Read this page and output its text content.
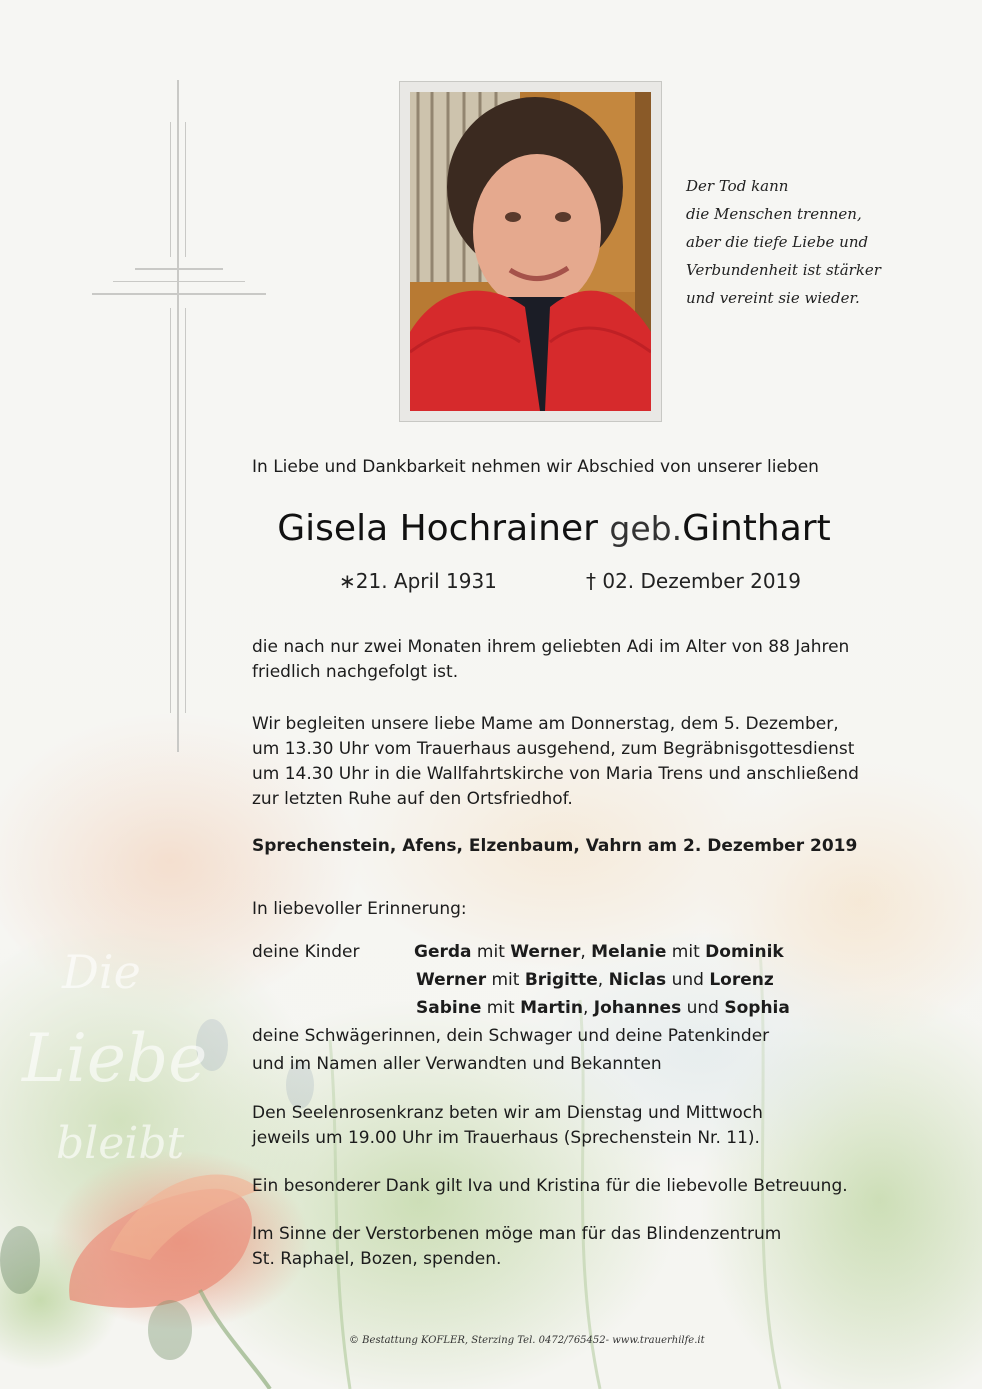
Der Tod kann
die Menschen trennen,
aber die tiefe Liebe und
Verbundenheit ist stärker
und vereint sie wieder.
In Liebe und Dankbarkeit nehmen wir Abschied von unserer lieben
Gisela Hochrainer geb.Ginthart
∗21. April 1931	† 02. Dezember 2019
die nach nur zwei Monaten ihrem geliebten Adi im Alter von 88 Jahren
friedlich nachgefolgt ist.
Wir begleiten unsere liebe Mame am Donnerstag, dem 5. Dezember,
um 13.30 Uhr vom Trauerhaus ausgehend, zum Begräbnisgottesdienst
um 14.30 Uhr in die Wallfahrtskirche von Maria Trens und anschließend
zur letzten Ruhe auf den Ortsfriedhof.
Sprechenstein, Afens, Elzenbaum, Vahrn am 2. Dezember 2019
In liebevoller Erinnerung:
deine Kinder	Gerda mit Werner, Melanie mit Dominik
Werner mit Brigitte, Niclas und Lorenz
Sabine mit Martin, Johannes und Sophia
deine Schwägerinnen, dein Schwager und deine Patenkinder
und im Namen aller Verwandten und Bekannten
Den Seelenrosenkranz beten wir am Dienstag und Mittwoch
jeweils um 19.00 Uhr im Trauerhaus (Sprechenstein Nr. 11).
Ein besonderer Dank gilt Iva und Kristina für die liebevolle Betreuung.
Im Sinne der Verstorbenen möge man für das Blindenzentrum
St. Raphael, Bozen, spenden.
Die
Liebe
bleibt
© Bestattung KOFLER, Sterzing Tel. 0472/765452- www.trauerhilfe.it
